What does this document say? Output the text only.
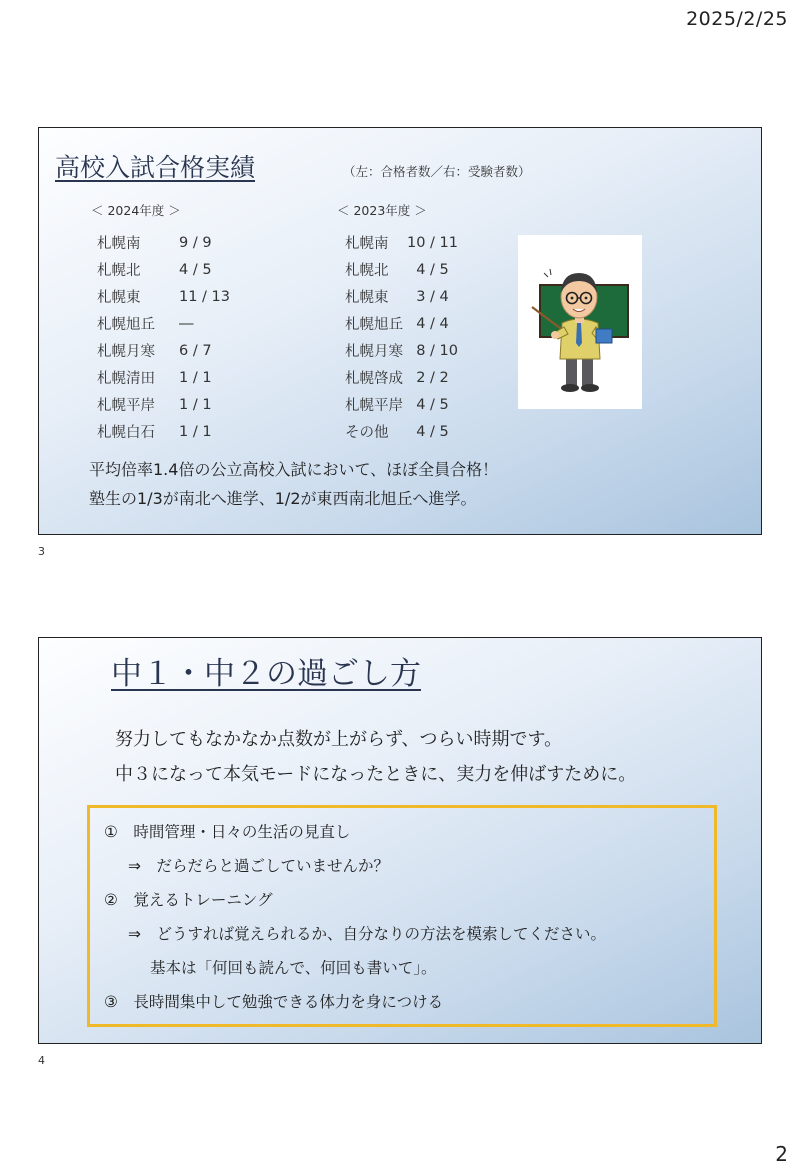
2025/2/25
高校入試合格実績	（左：合格者数／右：受験者数）
＜ 2024年度 ＞
札幌南	9 / 9
札幌北	4 / 5
札幌東	11 / 13
札幌旭丘	―
札幌月寒	6 / 7
札幌清田	1 / 1
札幌平岸	1 / 1
札幌白石	1 / 1
＜ 2023年度 ＞
札幌南	10 / 11
札幌北	4 / 5
札幌東	3 / 4
札幌旭丘 4 / 4
札幌月寒 8 / 10
札幌啓成 2 / 2
札幌平岸 4 / 5
その他	4 / 5

平均倍率1.4倍の公立高校入試において、ほぼ全員合格！

塾生の1/3が南北へ進学、1/2が東西南北旭丘へ進学。

3
中１・中２の過ごし方

努力してもなかなか点数が上がらず、つらい時期です。

中３になって本気モードになったときに、実力を伸ばすために。

①　時間管理・日々の生活の見直し

⇒　だらだらと過ごしていませんか？

②　覚えるトレーニング

⇒　どうすれば覚えられるか、自分なりの方法を模索してください。

基本は「何回も読んで、何回も書いて」。

③　長時間集中して勉強できる体力を身につける

4
2
